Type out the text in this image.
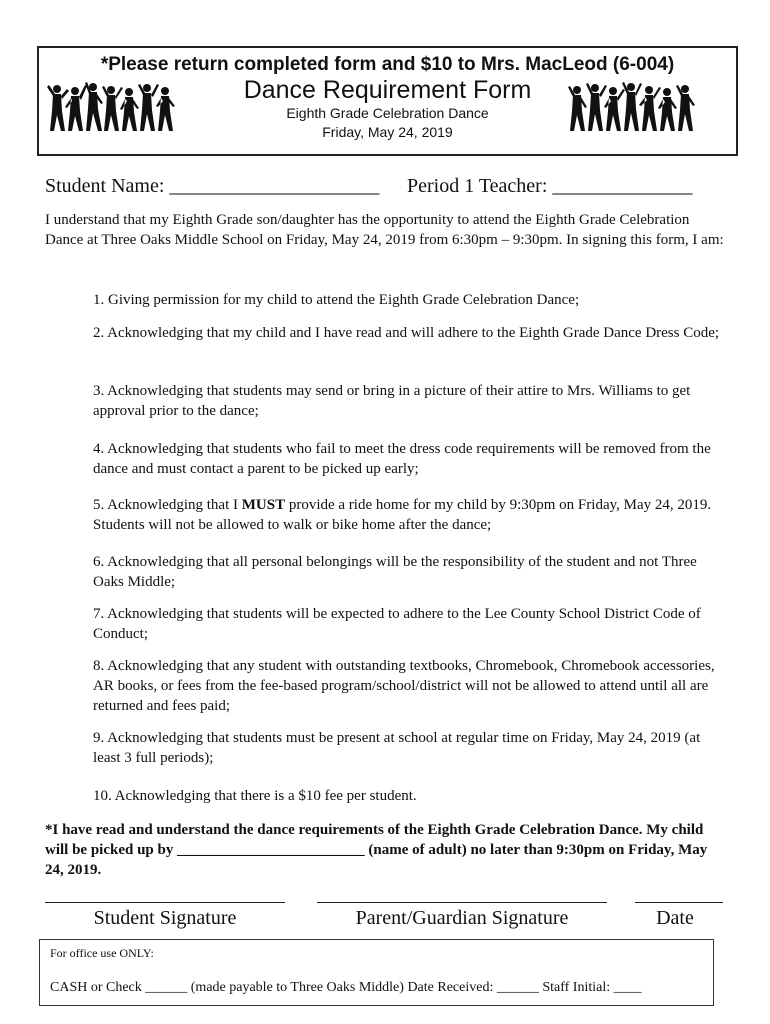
*Please return completed form and $10 to Mrs. MacLeod (6-004)
Dance Requirement Form
Eighth Grade Celebration Dance
Friday, May 24, 2019
Student Name: _____________________ Period 1 Teacher: ______________
I understand that my Eighth Grade son/daughter has the opportunity to attend the Eighth Grade Celebration Dance at Three Oaks Middle School on Friday, May 24, 2019 from 6:30pm – 9:30pm. In signing this form, I am:
1. Giving permission for my child to attend the Eighth Grade Celebration Dance;
2. Acknowledging that my child and I have read and will adhere to the Eighth Grade Dance Dress Code;
3. Acknowledging that students may send or bring in a picture of their attire to Mrs. Williams to get approval prior to the dance;
4. Acknowledging that students who fail to meet the dress code requirements will be removed from the dance and must contact a parent to be picked up early;
5. Acknowledging that I MUST provide a ride home for my child by 9:30pm on Friday, May 24, 2019. Students will not be allowed to walk or bike home after the dance;
6. Acknowledging that all personal belongings will be the responsibility of the student and not Three Oaks Middle;
7. Acknowledging that students will be expected to adhere to the Lee County School District Code of Conduct;
8. Acknowledging that any student with outstanding textbooks, Chromebook, Chromebook accessories, AR books, or fees from the fee-based program/school/district will not be allowed to attend until all are returned and fees paid;
9. Acknowledging that students must be present at school at regular time on Friday, May 24, 2019 (at least 3 full periods);
10. Acknowledging that there is a $10 fee per student.
*I have read and understand the dance requirements of the Eighth Grade Celebration Dance. My child will be picked up by _________________________ (name of adult) no later than 9:30pm on Friday, May 24, 2019.
Student Signature	Parent/Guardian Signature	Date
For office use ONLY:
CASH or Check ______ (made payable to Three Oaks Middle) Date Received: ______ Staff Initial: ____
